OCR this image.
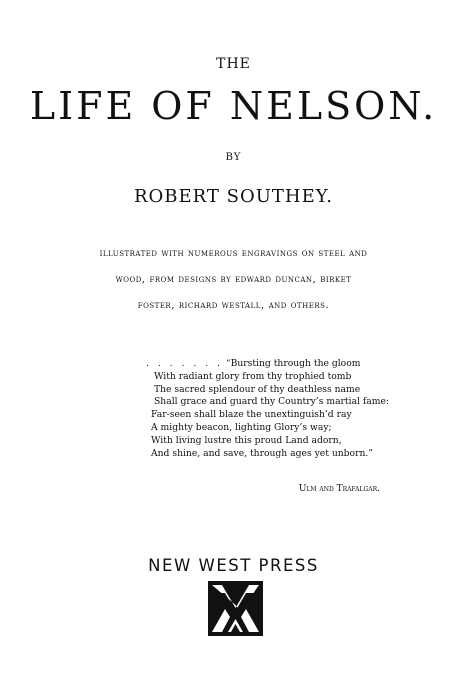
THE
LIFE OF NELSON.
BY
ROBERT SOUTHEY.
illustrated with numerous engravings on steel and
wood, from designs by edward duncan, birket
foster, richard westall, and others.
. . . . . . . “Bursting through the gloom
With radiant glory from thy trophied tomb
The sacred splendour of thy deathless name
Shall grace and guard thy Country’s martial fame:
Far-seen shall blaze the unextinguish’d ray
A mighty beacon, lighting Glory’s way;
With living lustre this proud Land adorn,
And shine, and save, through ages yet unborn.”
Ulm and Trafalgar.
NEW WEST PRESS
